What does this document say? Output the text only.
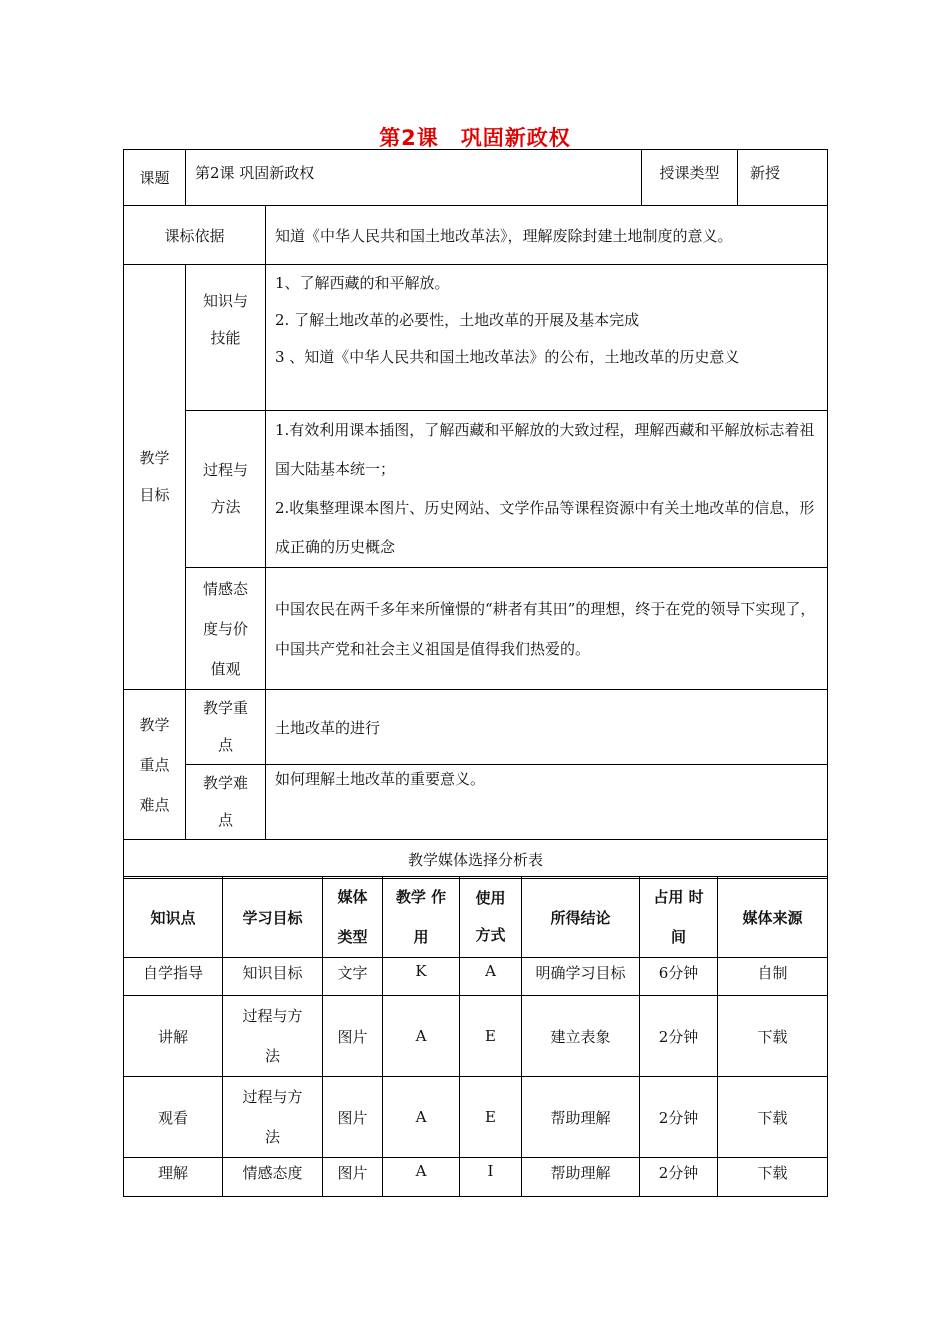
第2课　巩固新政权
课题	第2课 巩固新政权		授课类型	新授
课标依据		知道《中华人民共和国土地改革法》，理解废除封建土地制度的意义。		
教学目标	知识与技能	1、了解西藏的和平解放。
2. 了解土地改革的必要性，土地改革的开展及基本完成
3 、知道《中华人民共和国土地改革法》的公布，土地改革的历史意义		

	过程与方法	1.有效利用课本插图，了解西藏和平解放的大致过程，理解西藏和平解放标志着祖国大陆基本统一；
2.收集整理课本图片、历史网站、文学作品等课程资源中有关土地改革的信息，形成正确的历史概念		

	情感态度与价值观	中国农民在两千多年来所憧憬的“耕者有其田”的理想，终于在党的领导下实现了，中国共产党和社会主义祖国是值得我们热爱的。		
教学重点难点	教学重点	土地改革的进行		
	教学难点	如何理解土地改革的重要意义。		
教学媒体选择分析表				
知识点	学习目标	媒体类型	教学 作用	使用方式	所得结论	占用 时间	媒体来源
自学指导	知识目标	文字	K	A	明确学习目标	6分钟	自制
讲解	过程与方法	图片	A	E	建立表象	2分钟	下载
观看	过程与方法	图片	A	E	帮助理解	2分钟	下载
理解	情感态度	图片	A	I	帮助理解	2分钟	下载
